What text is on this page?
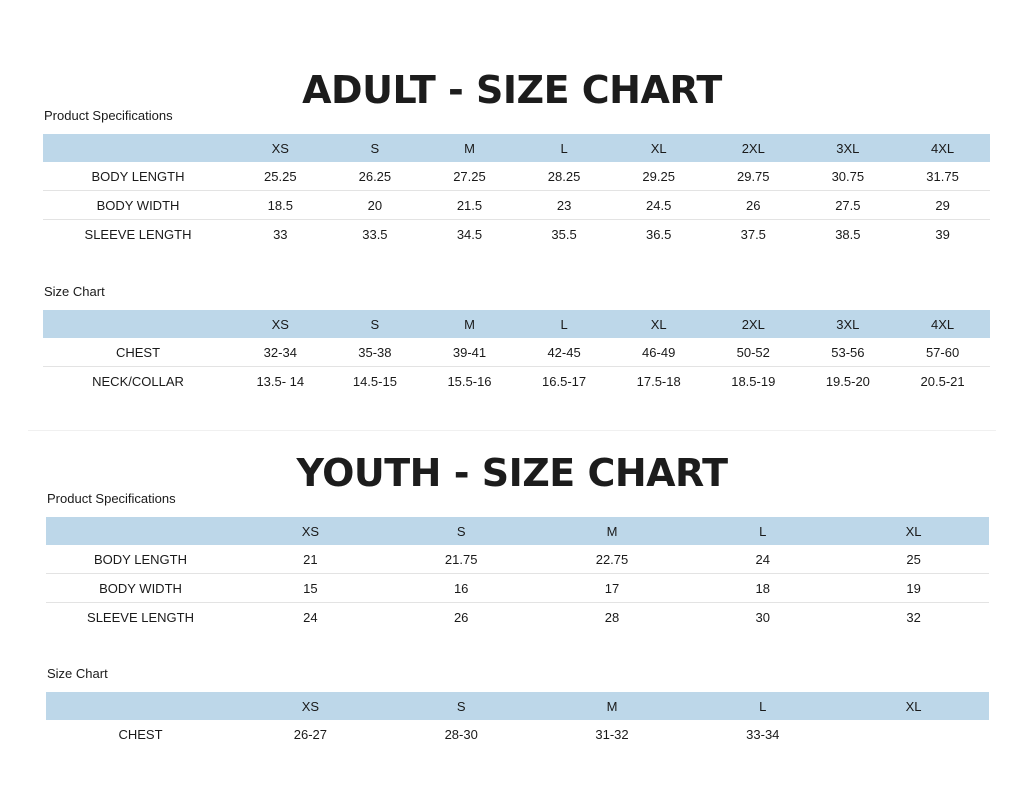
ADULT - SIZE CHART

Product Specifications

	XS	S	M	L	XL	2XL	3XL	4XL
BODY LENGTH	25.25	26.25	27.25	28.25	29.25	29.75	30.75	31.75
BODY WIDTH	18.5	20	21.5	23	24.5	26	27.5	29
SLEEVE LENGTH	33	33.5	34.5	35.5	36.5	37.5	38.5	39

Size Chart

	XS	S	M	L	XL	2XL	3XL	4XL
CHEST	32-34	35-38	39-41	42-45	46-49	50-52	53-56	57-60
NECK/COLLAR	13.5- 14	14.5-15	15.5-16	16.5-17	17.5-18	18.5-19	19.5-20	20.5-21
YOUTH - SIZE CHART

Product Specifications

	XS	S	M	L	XL
BODY LENGTH	21	21.75	22.75	24	25
BODY WIDTH	15	16	17	18	19
SLEEVE LENGTH	24	26	28	30	32

Size Chart

	XS	S	M	L	XL
CHEST	26-27	28-30	31-32	33-34	
